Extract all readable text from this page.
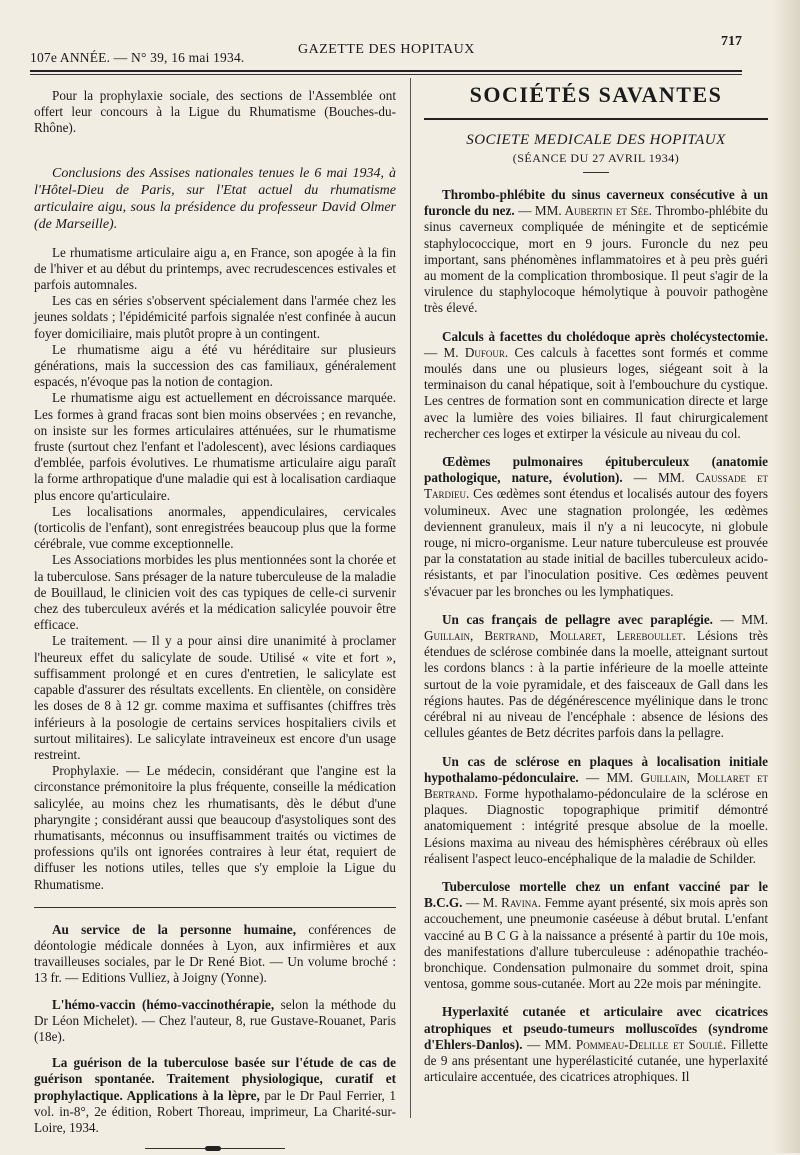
107e ANNÉE. — N° 39, 16 mai 1934.
GAZETTE DES HOPITAUX
717

Pour la prophylaxie sociale, des sections de l'Assemblée ont offert leur concours à la Ligue du Rhumatisme (Bouches-du-Rhône).

Conclusions des Assises nationales tenues le 6 mai 1934, à l'Hôtel-Dieu de Paris, sur l'Etat actuel du rhumatisme articulaire aigu, sous la présidence du professeur David Olmer (de Marseille).

Le rhumatisme articulaire aigu a, en France, son apogée à la fin de l'hiver et au début du printemps, avec recrudescences estivales et parfois automnales.

Les cas en séries s'observent spécialement dans l'armée chez les jeunes soldats ; l'épidémicité parfois signalée n'est confinée à aucun foyer domiciliaire, mais plutôt propre à un contingent.

Le rhumatisme aigu a été vu héréditaire sur plusieurs générations, mais la succession des cas familiaux, généralement espacés, n'évoque pas la notion de contagion.

Le rhumatisme aigu est actuellement en décroissance marquée. Les formes à grand fracas sont bien moins observées ; en revanche, on insiste sur les formes articulaires atténuées, sur le rhumatisme fruste (surtout chez l'enfant et l'adolescent), avec lésions cardiaques d'emblée, parfois évolutives. Le rhumatisme articulaire aigu paraît la forme arthropatique d'une maladie qui est à localisation cardiaque plus encore qu'articulaire.

Les localisations anormales, appendiculaires, cervicales (torticolis de l'enfant), sont enregistrées beaucoup plus que la forme cérébrale, vue comme exceptionnelle.

Les Associations morbides les plus mentionnées sont la chorée et la tuberculose. Sans présager de la nature tuberculeuse de la maladie de Bouillaud, le clinicien voit des cas typiques de celle-ci survenir chez des tuberculeux avérés et la médication salicylée pouvoir être efficace.

Le traitement. — Il y a pour ainsi dire unanimité à proclamer l'heureux effet du salicylate de soude. Utilisé « vite et fort », suffisamment prolongé et en cures d'entretien, le salicylate est capable d'assurer des résultats excellents. En clientèle, on considère les doses de 8 à 12 gr. comme maxima et suffisantes (chiffres très inférieurs à la posologie de certains services hospitaliers civils et surtout militaires). Le salicylate intraveineux est encore d'un usage restreint.

Prophylaxie. — Le médecin, considérant que l'angine est la circonstance prémonitoire la plus fréquente, conseille la médication salicylée, au moins chez les rhumatisants, dès le début d'une pharyngite ; considérant aussi que beaucoup d'asystoliques sont des rhumatisants, méconnus ou insuffisamment traités ou victimes de professions qu'ils ont ignorées contraires à leur état, requiert de diffuser les notions utiles, telles que s'y emploie la Ligue du Rhumatisme.

Au service de la personne humaine, conférences de déontologie médicale données à Lyon, aux infirmières et aux travailleuses sociales, par le Dr René Biot. — Un volume broché : 13 fr. — Editions Vulliez, à Joigny (Yonne).

L'hémo-vaccin (hémo-vaccinothérapie, selon la méthode du Dr Léon Michelet). — Chez l'auteur, 8, rue Gustave-Rouanet, Paris (18e).

La guérison de la tuberculose basée sur l'étude de cas de guérison spontanée. Traitement physiologique, curatif et prophylactique. Applications à la lèpre, par le Dr Paul Ferrier, 1 vol. in-8°, 2e édition, Robert Thoreau, imprimeur, La Charité-sur-Loire, 1934.

SOCIÉTÉS SAVANTES
SOCIETE MEDICALE DES HOPITAUX
(SÉANCE DU 27 AVRIL 1934)

Thrombo-phlébite du sinus caverneux consécutive à un furoncle du nez. — MM. Aubertin et Sée. Thrombo-phlébite du sinus caverneux compliquée de méningite et de septicémie staphylococcique, mort en 9 jours. Furoncle du nez peu important, sans phénomènes inflammatoires et à peu près guéri au moment de la complication thrombosique. Il peut s'agir de la virulence du staphylocoque hémolytique à pouvoir pathogène très élevé.

Calculs à facettes du cholédoque après cholécystectomie. — M. Dufour. Ces calculs à facettes sont formés et comme moulés dans une ou plusieurs loges, siégeant soit à la terminaison du canal hépatique, soit à l'embouchure du cystique. Les centres de formation sont en communication directe et large avec la lumière des voies biliaires. Il faut chirurgicalement rechercher ces loges et extirper la vésicule au niveau du col.

Œdèmes pulmonaires épituberculeux (anatomie pathologique, nature, évolution). — MM. Caussade et Tardieu. Ces œdèmes sont étendus et localisés autour des foyers volumineux. Avec une stagnation prolongée, les œdèmes deviennent granuleux, mais il n'y a ni leucocyte, ni globule rouge, ni micro-organisme. Leur nature tuberculeuse est prouvée par la constatation au stade initial de bacilles tuberculeux acido-résistants, et par l'inoculation positive. Ces œdèmes peuvent s'évacuer par les bronches ou les lymphatiques.

Un cas français de pellagre avec paraplégie. — MM. Guillain, Bertrand, Mollaret, Lereboullet. Lésions très étendues de sclérose combinée dans la moelle, atteignant surtout les cordons blancs : à la partie inférieure de la moelle atteinte surtout de la voie pyramidale, et des faisceaux de Gall dans les régions hautes. Pas de dégénérescence myélinique dans le tronc cérébral ni au niveau de l'encéphale : absence de lésions des cellules géantes de Betz décrites parfois dans la pellagre.

Un cas de sclérose en plaques à localisation initiale hypothalamo-pédonculaire. — MM. Guillain, Mollaret et Bertrand. Forme hypothalamo-pédonculaire de la sclérose en plaques. Diagnostic topographique primitif démontré anatomiquement : intégrité presque absolue de la moelle. Lésions maxima au niveau des hémisphères cérébraux où elles réalisent l'aspect leuco-encéphalique de la maladie de Schilder.

Tuberculose mortelle chez un enfant vacciné par le B.C.G. — M. Ravina. Femme ayant présenté, six mois après son accouchement, une pneumonie caséeuse à début brutal. L'enfant vacciné au B C G à la naissance a présenté à partir du 10e mois, des manifestations d'allure tuberculeuse : adénopathie trachéo-bronchique. Condensation pulmonaire du sommet droit, spina ventosa, gomme sous-cutanée. Mort au 22e mois par méningite.

Hyperlaxité cutanée et articulaire avec cicatrices atrophiques et pseudo-tumeurs molluscoïdes (syndrome d'Ehlers-Danlos). — MM. Pommeau-Delille et Soulié. Fillette de 9 ans présentant une hyperélasticité cutanée, une hyperlaxité articulaire accentuée, des cicatrices atrophiques. Il
